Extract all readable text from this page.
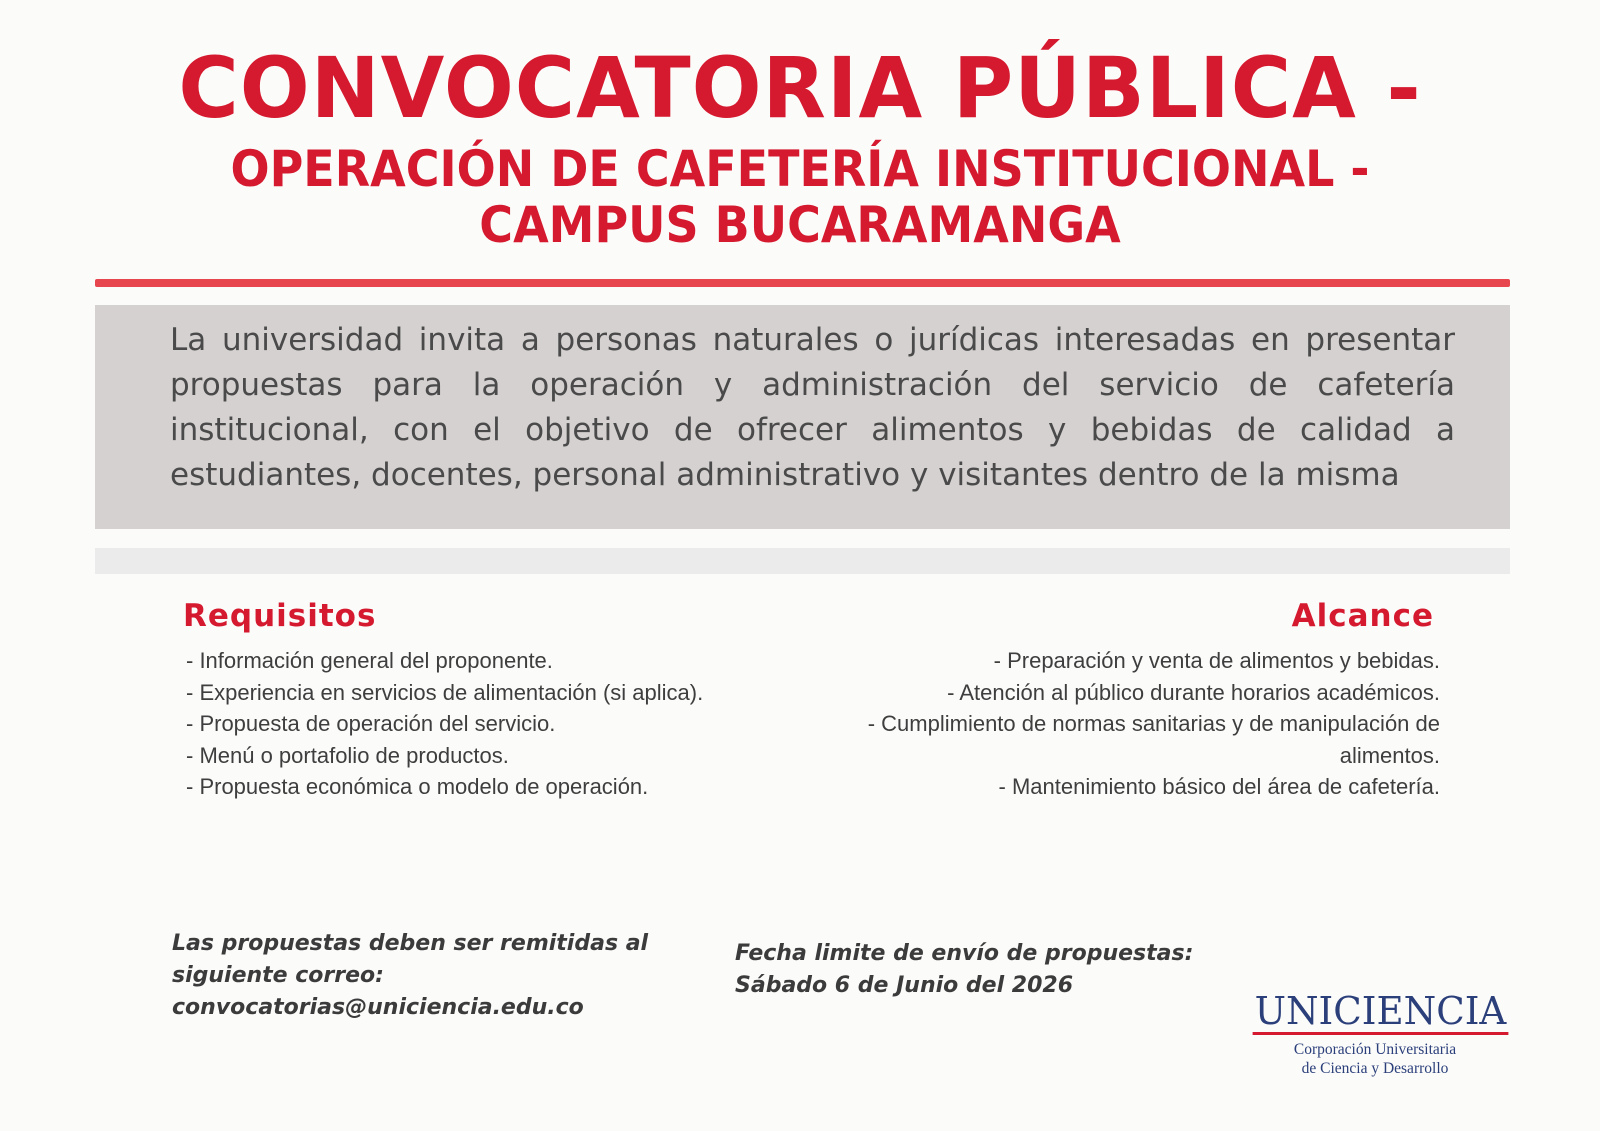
CONVOCATORIA PÚBLICA -
OPERACIÓN DE CAFETERÍA INSTITUCIONAL -
CAMPUS BUCARAMANGA
La universidad invita a personas naturales o jurídicas interesadas en presentar propuestas para la operación y administración del servicio de cafetería institucional, con el objetivo de ofrecer alimentos y bebidas de calidad a estudiantes, docentes, personal administrativo y visitantes dentro de la misma
Requisitos
- Información general del proponente.
- Experiencia en servicios de alimentación (si aplica).
- Propuesta de operación del servicio.
- Menú o portafolio de productos.
- Propuesta económica o modelo de operación.
Alcance
- Preparación y venta de alimentos y bebidas.
- Atención al público durante horarios académicos.
- Cumplimiento de normas sanitarias y de manipulación de alimentos.
- Mantenimiento básico del área de cafetería.
Las propuestas deben ser remitidas al
siguiente correo:
convocatorias@uniciencia.edu.co
Fecha limite de envío de propuestas:
Sábado 6 de Junio del 2026
UNICIENCIA
Corporación Universitaria
de Ciencia y Desarrollo
